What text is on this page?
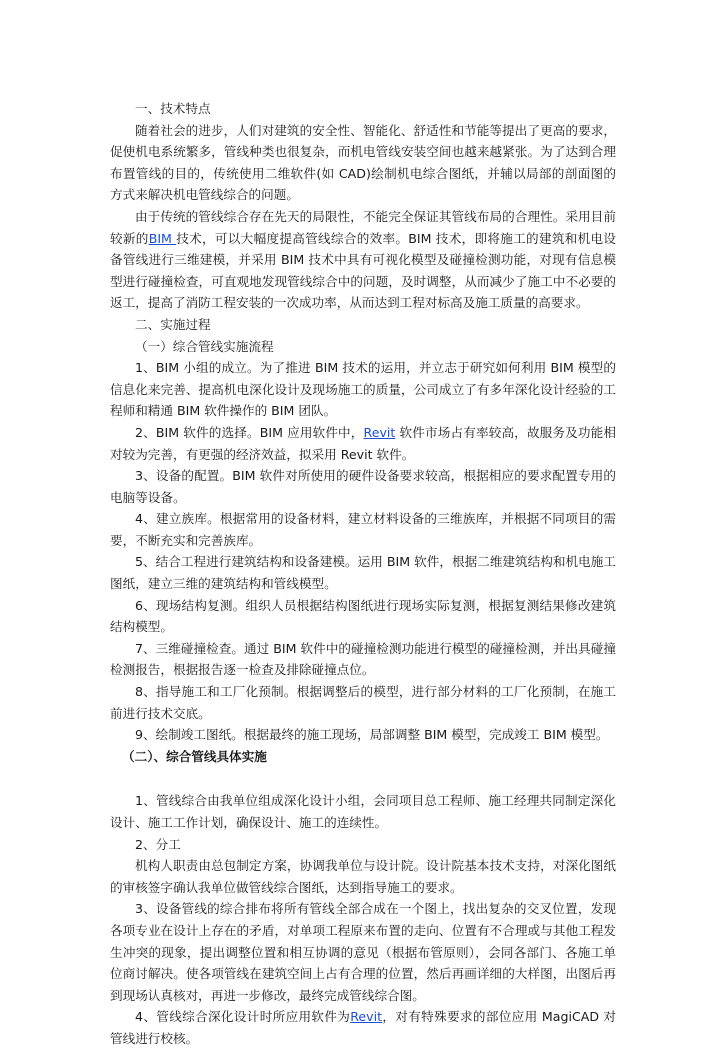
一、技术特点

随着社会的进步，人们对建筑的安全性、智能化、舒适性和节能等提出了更高的要求，促使机电系统繁多，管线种类也很复杂，而机电管线安装空间也越来越紧张。为了达到合理布置管线的目的，传统使用二维软件(如 CAD)绘制机电综合图纸，并辅以局部的剖面图的方式来解决机电管线综合的问题。

由于传统的管线综合存在先天的局限性，不能完全保证其管线布局的合理性。采用目前较新的BIM 技术，可以大幅度提高管线综合的效率。BIM 技术，即将施工的建筑和机电设备管线进行三维建模，并采用 BIM 技术中具有可视化模型及碰撞检测功能，对现有信息模型进行碰撞检查，可直观地发现管线综合中的问题，及时调整，从而减少了施工中不必要的返工，提高了消防工程安装的一次成功率，从而达到工程对标高及施工质量的高要求。

二、实施过程

（一）综合管线实施流程

1、BIM 小组的成立。为了推进 BIM 技术的运用，并立志于研究如何利用 BIM 模型的信息化来完善、提高机电深化设计及现场施工的质量，公司成立了有多年深化设计经验的工程师和精通 BIM 软件操作的 BIM 团队。

2、BIM 软件的选择。BIM 应用软件中，Revit 软件市场占有率较高，故服务及功能相对较为完善，有更强的经济效益，拟采用 Revit 软件。

3、设备的配置。BIM 软件对所使用的硬件设备要求较高，根据相应的要求配置专用的电脑等设备。

4、建立族库。根据常用的设备材料，建立材料设备的三维族库，并根据不同项目的需要，不断充实和完善族库。

5、结合工程进行建筑结构和设备建模。运用 BIM 软件，根据二维建筑结构和机电施工图纸，建立三维的建筑结构和管线模型。

6、现场结构复测。组织人员根据结构图纸进行现场实际复测，根据复测结果修改建筑结构模型。

7、三维碰撞检查。通过 BIM 软件中的碰撞检测功能进行模型的碰撞检测，并出具碰撞检测报告，根据报告逐一检查及排除碰撞点位。

8、指导施工和工厂化预制。根据调整后的模型，进行部分材料的工厂化预制，在施工前进行技术交底。

9、绘制竣工图纸。根据最终的施工现场，局部调整 BIM 模型，完成竣工 BIM 模型。

（二）、综合管线具体实施

1、管线综合由我单位组成深化设计小组，会同项目总工程师、施工经理共同制定深化设计、施工工作计划，确保设计、施工的连续性。

2、分工

机构人职责由总包制定方案，协调我单位与设计院。设计院基本技术支持，对深化图纸的审核签字确认我单位做管线综合图纸，达到指导施工的要求。

3、设备管线的综合排布将所有管线全部合成在一个图上，找出复杂的交叉位置，发现各项专业在设计上存在的矛盾，对单项工程原来布置的走向、位置有不合理或与其他工程发生冲突的现象，提出调整位置和相互协调的意见（根据布管原则），会同各部门、各施工单位商讨解决。使各项管线在建筑空间上占有合理的位置，然后再画详细的大样图，出图后再到现场认真核对，再进一步修改，最终完成管线综合图。

4、管线综合深化设计时所应用软件为Revit，对有特殊要求的部位应用 MagiCAD 对管线进行校核。
